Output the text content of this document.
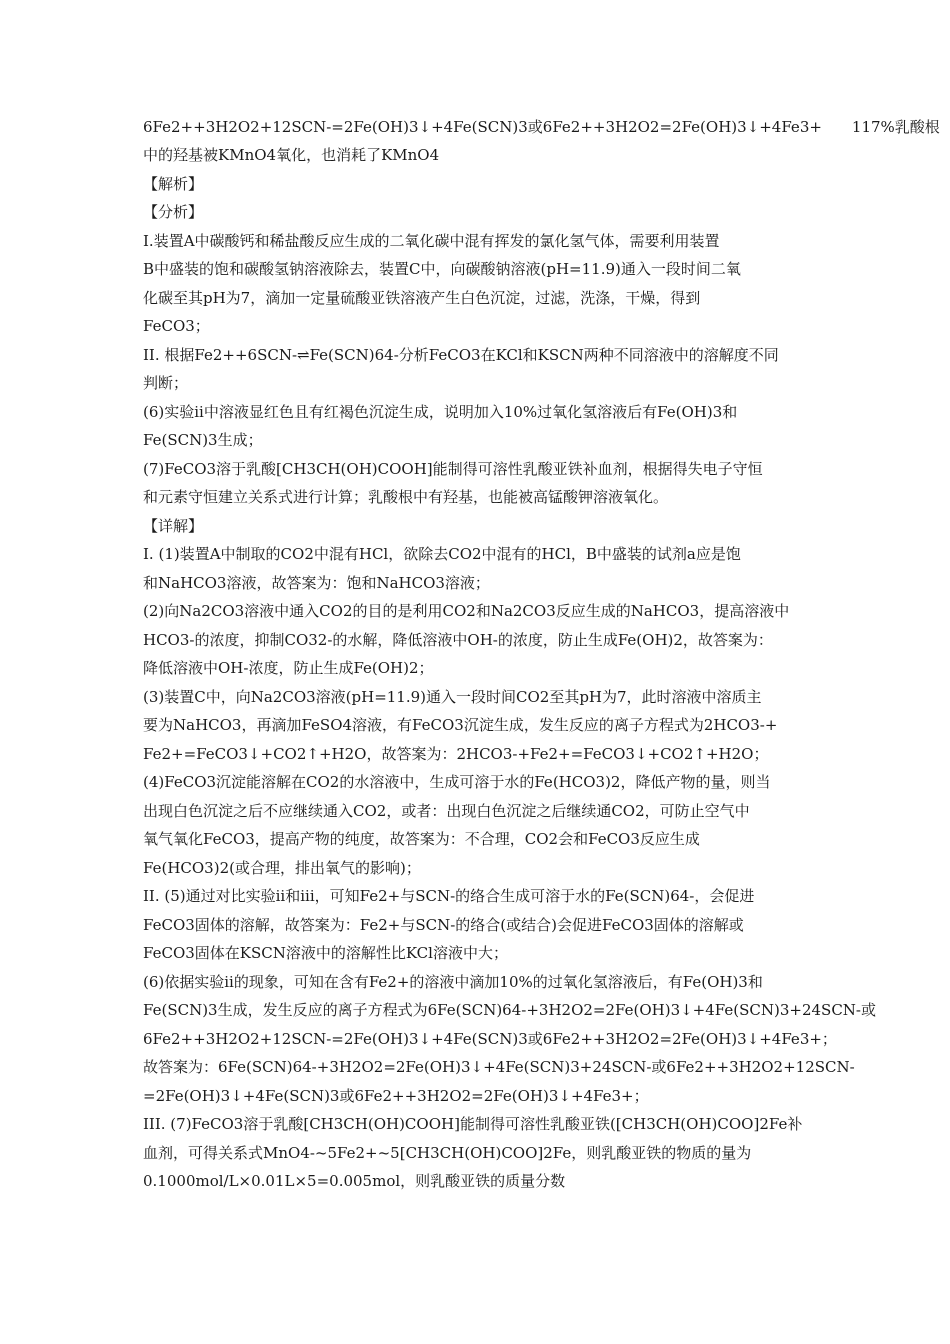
6Fe2++3H2O2+12SCN-=2Fe(OH)3↓+4Fe(SCN)3或6Fe2++3H2O2=2Fe(OH)3↓+4Fe3+　　117%乳酸根
中的羟基被KMnO4氧化，也消耗了KMnO4
【解析】
【分析】
I.装置A中碳酸钙和稀盐酸反应生成的二氧化碳中混有挥发的氯化氢气体，需要利用装置
B中盛装的饱和碳酸氢钠溶液除去，装置C中，向碳酸钠溶液(pH=11.9)通入一段时间二氧
化碳至其pH为7，滴加一定量硫酸亚铁溶液产生白色沉淀，过滤，洗涤，干燥，得到
FeCO3；
II. 根据Fe2++6SCN-⇌Fe(SCN)64-分析FeCO3在KCl和KSCN两种不同溶液中的溶解度不同
判断；
(6)实验ii中溶液显红色且有红褐色沉淀生成，说明加入10%过氧化氢溶液后有Fe(OH)3和
Fe(SCN)3生成；
(7)FeCO3溶于乳酸[CH3CH(OH)COOH]能制得可溶性乳酸亚铁补血剂，根据得失电子守恒
和元素守恒建立关系式进行计算；乳酸根中有羟基，也能被高锰酸钾溶液氧化。
【详解】
I. (1)装置A中制取的CO2中混有HCl，欲除去CO2中混有的HCl，B中盛装的试剂a应是饱
和NaHCO3溶液，故答案为：饱和NaHCO3溶液；
(2)向Na2CO3溶液中通入CO2的目的是利用CO2和Na2CO3反应生成的NaHCO3，提高溶液中
HCO3-的浓度，抑制CO32-的水解，降低溶液中OH-的浓度，防止生成Fe(OH)2，故答案为：
降低溶液中OH-浓度，防止生成Fe(OH)2；
(3)装置C中，向Na2CO3溶液(pH=11.9)通入一段时间CO2至其pH为7，此时溶液中溶质主
要为NaHCO3，再滴加FeSO4溶液，有FeCO3沉淀生成，发生反应的离子方程式为2HCO3-+
Fe2+=FeCO3↓+CO2↑+H2O，故答案为：2HCO3-+Fe2+=FeCO3↓+CO2↑+H2O；
(4)FeCO3沉淀能溶解在CO2的水溶液中，生成可溶于水的Fe(HCO3)2，降低产物的量，则当
出现白色沉淀之后不应继续通入CO2，或者：出现白色沉淀之后继续通CO2，可防止空气中
氧气氧化FeCO3，提高产物的纯度，故答案为：不合理，CO2会和FeCO3反应生成
Fe(HCO3)2(或合理，排出氧气的影响)；
II. (5)通过对比实验ii和iii，可知Fe2+与SCN-的络合生成可溶于水的Fe(SCN)64-，会促进
FeCO3固体的溶解，故答案为：Fe2+与SCN-的络合(或结合)会促进FeCO3固体的溶解或
FeCO3固体在KSCN溶液中的溶解性比KCl溶液中大；
(6)依据实验ii的现象，可知在含有Fe2+的溶液中滴加10%的过氧化氢溶液后，有Fe(OH)3和
Fe(SCN)3生成，发生反应的离子方程式为6Fe(SCN)64-+3H2O2=2Fe(OH)3↓+4Fe(SCN)3+24SCN-或
6Fe2++3H2O2+12SCN-=2Fe(OH)3↓+4Fe(SCN)3或6Fe2++3H2O2=2Fe(OH)3↓+4Fe3+；
故答案为：6Fe(SCN)64-+3H2O2=2Fe(OH)3↓+4Fe(SCN)3+24SCN-或6Fe2++3H2O2+12SCN-
=2Fe(OH)3↓+4Fe(SCN)3或6Fe2++3H2O2=2Fe(OH)3↓+4Fe3+；
III. (7)FeCO3溶于乳酸[CH3CH(OH)COOH]能制得可溶性乳酸亚铁([CH3CH(OH)COO]2Fe补
血剂，可得关系式MnO4-~5Fe2+~5[CH3CH(OH)COO]2Fe，则乳酸亚铁的物质的量为
0.1000mol/L×0.01L×5=0.005mol，则乳酸亚铁的质量分数
